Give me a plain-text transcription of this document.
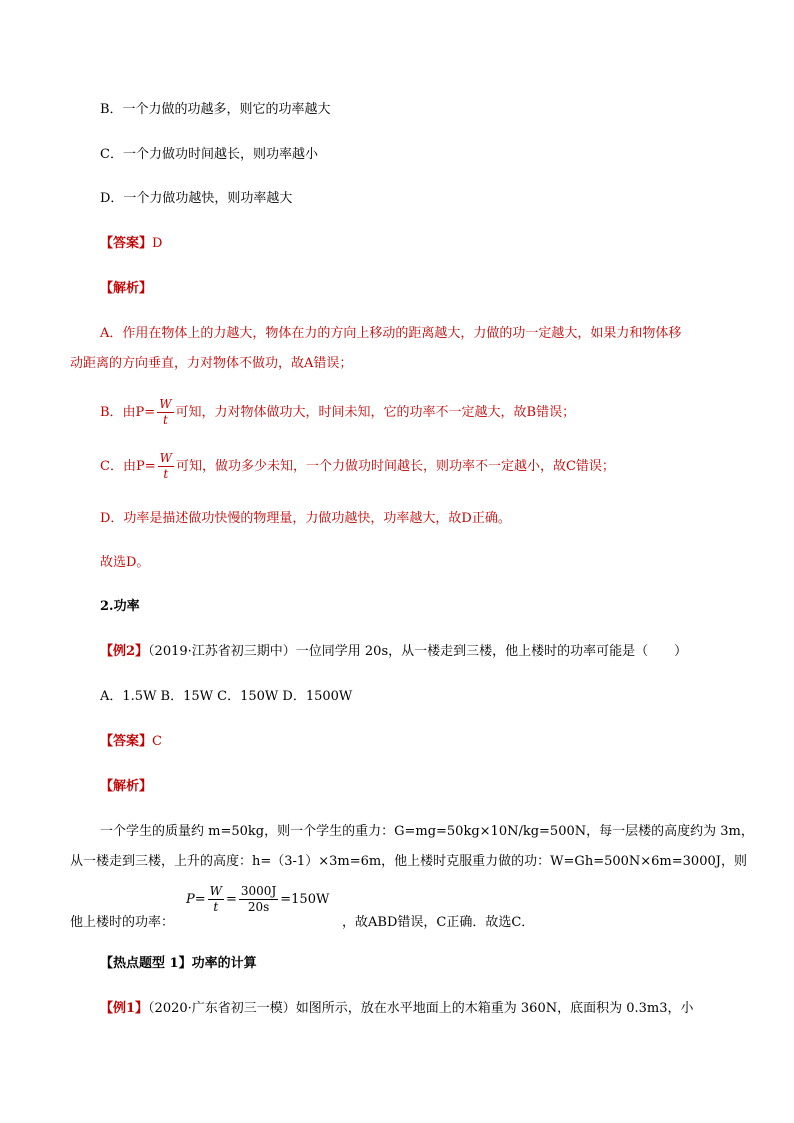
B．一个力做的功越多，则它的功率越大
C．一个力做功时间越长，则功率越小
D．一个力做功越快，则功率越大
【答案】D
【解析】
A．作用在物体上的力越大，物体在力的方向上移动的距离越大，力做的功一定越大，如果力和物体移
动距离的方向垂直，力对物体不做功，故A错误；
B．由$P= \frac{W}{t}$ 可知，力对物体做功大，时间未知，它的功率不一定越大，故B错误；
C．由$P= \frac{W}{t}$ 可知，做功多少未知，一个力做功时间越长，则功率不一定越小，故C错误；
D．功率是描述做功快慢的物理量，力做功越快，功率越大，故D正确。
故选D。
2.功率
【例2】（2019·江苏省初三期中）一位同学用 20s，从一楼走到三楼，他上楼时的功率可能是（　　）
A．1.5W B．15W C．150W D．1500W
【答案】C
【解析】
一个学生的质量约 m=50kg，则一个学生的重力：G=mg=50kg×10N/kg=500N，每一层楼的高度约为 3m，
从一楼走到三楼，上升的高度：h=（3-1）×3m=6m，他上楼时克服重力做的功：W=Gh=500N×6m=3000J，则
$P= \frac{W}{t} = \frac{3000J}{20s} =150W$
他上楼时的功率：	，故ABD错误，C正确．故选C．
【热点题型 1】功率的计算
【例1】（2020·广东省初三一模）如图所示，放在水平地面上的木箱重为 360N，底面积为 0.3m3，小
